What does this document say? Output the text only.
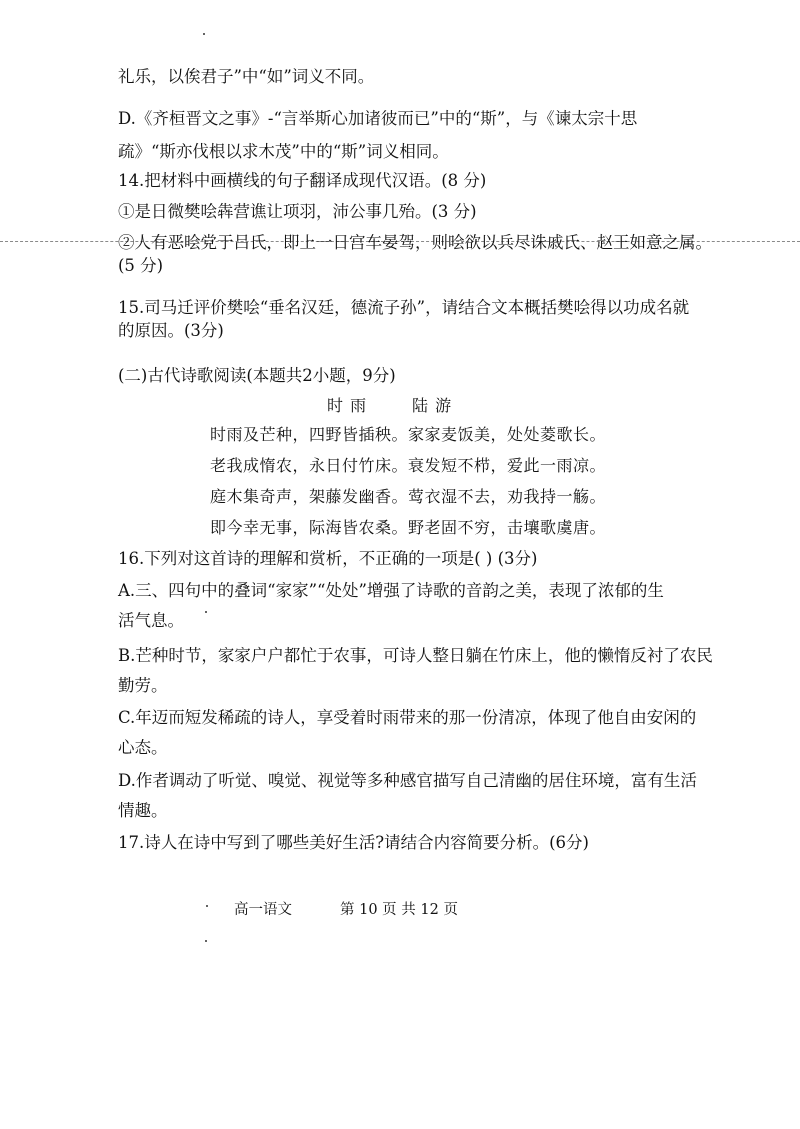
礼乐，以俟君子”中“如”词义不同。
D.《齐桓晋文之事》-“言举斯心加诸彼而已”中的“斯”，与《谏太宗十思
疏》“斯亦伐根以求木茂”中的“斯”词义相同。
14.把材料中画横线的句子翻译成现代汉语。(8 分)
①是日微樊哙犇营谯让项羽，沛公事几殆。(3 分)
②人有恶哙党于吕氏，即上一日宫车晏驾，则哙欲以兵尽诛戚氏、赵王如意之属。
(5 分)
15.司马迁评价樊哙“垂名汉廷，德流子孙”，请结合文本概括樊哙得以功成名就
的原因。(3分)
(二)古代诗歌阅读(本题共2小题，9分)
时 雨	陆 游
时雨及芒种，四野皆插秧。家家麦饭美，处处菱歌长。
老我成惰农，永日付竹床。衰发短不栉，爱此一雨凉。
庭木集奇声，架藤发幽香。莺衣湿不去，劝我持一觞。
即今幸无事，际海皆农桑。野老固不穷，击壤歌虞唐。
16.下列对这首诗的理解和赏析，不正确的一项是( ) (3分)
A.三、四句中的叠词“家家”“处处”增强了诗歌的音韵之美，表现了浓郁的生
活气息。
B.芒种时节，家家户户都忙于农事，可诗人整日躺在竹床上，他的懒惰反衬了农民
勤劳。
C.年迈而短发稀疏的诗人，享受着时雨带来的那一份清凉，体现了他自由安闲的
心态。
D.作者调动了听觉、嗅觉、视觉等多种感官描写自己清幽的居住环境，富有生活
情趣。
17.诗人在诗中写到了哪些美好生活?请结合内容简要分析。(6分)
高一语文	第 10 页 共 12 页
